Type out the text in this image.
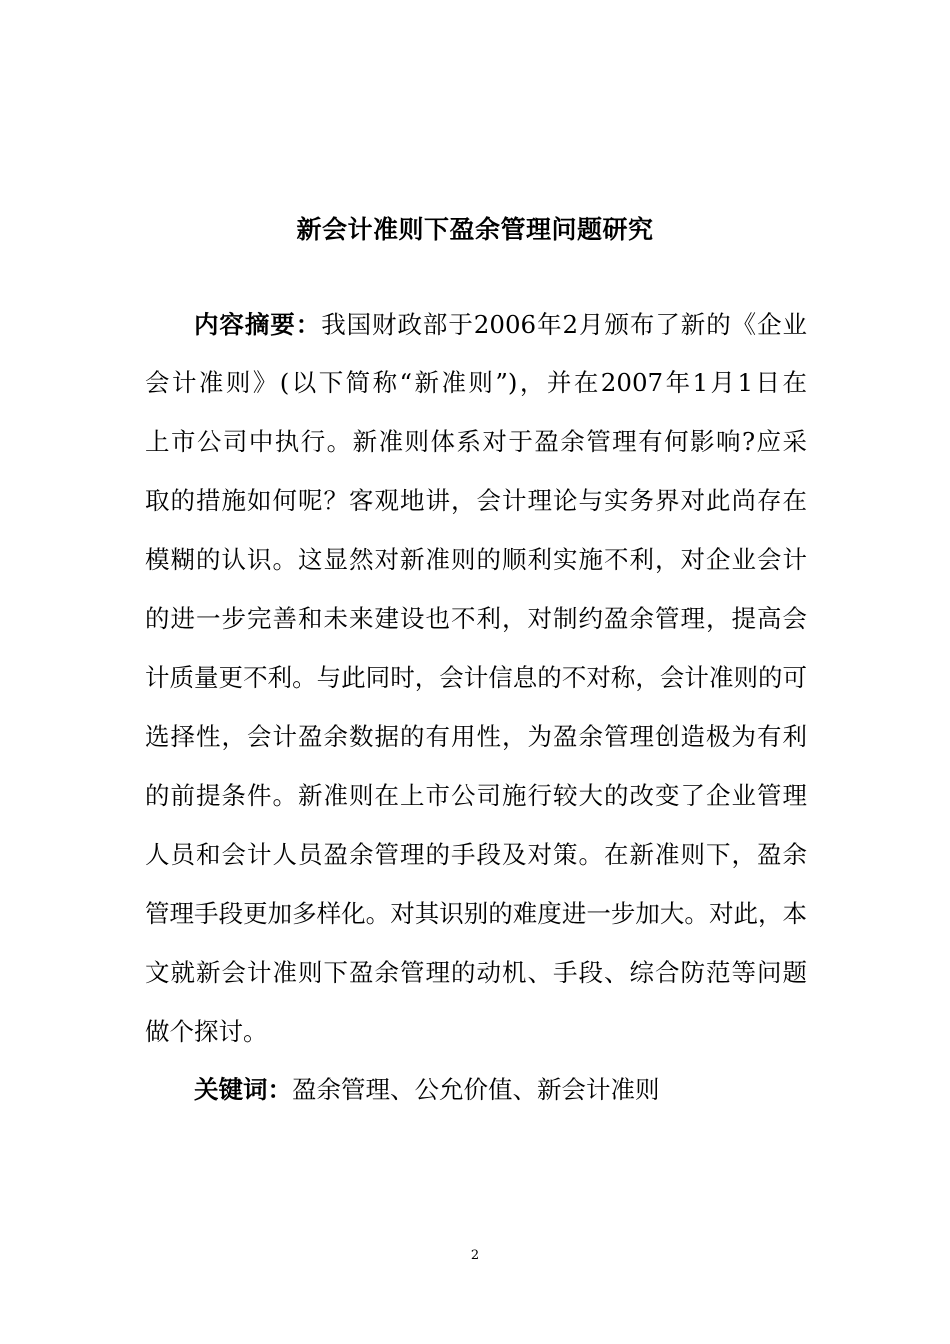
新会计准则下盈余管理问题研究
内容摘要：我国财政部于2006年2月颁布了新的《企业
会计准则》(以下简称“新准则”)，并在2007年1月1日在
上市公司中执行。新准则体系对于盈余管理有何影响?应采
取的措施如何呢？客观地讲，会计理论与实务界对此尚存在
模糊的认识。这显然对新准则的顺利实施不利，对企业会计
的进一步完善和未来建设也不利，对制约盈余管理，提高会
计质量更不利。与此同时，会计信息的不对称，会计准则的可
选择性，会计盈余数据的有用性，为盈余管理创造极为有利
的前提条件。新准则在上市公司施行较大的改变了企业管理
人员和会计人员盈余管理的手段及对策。在新准则下，盈余
管理手段更加多样化。对其识别的难度进一步加大。对此，本
文就新会计准则下盈余管理的动机、手段、综合防范等问题
做个探讨。
关键词：盈余管理、公允价值、新会计准则
2
